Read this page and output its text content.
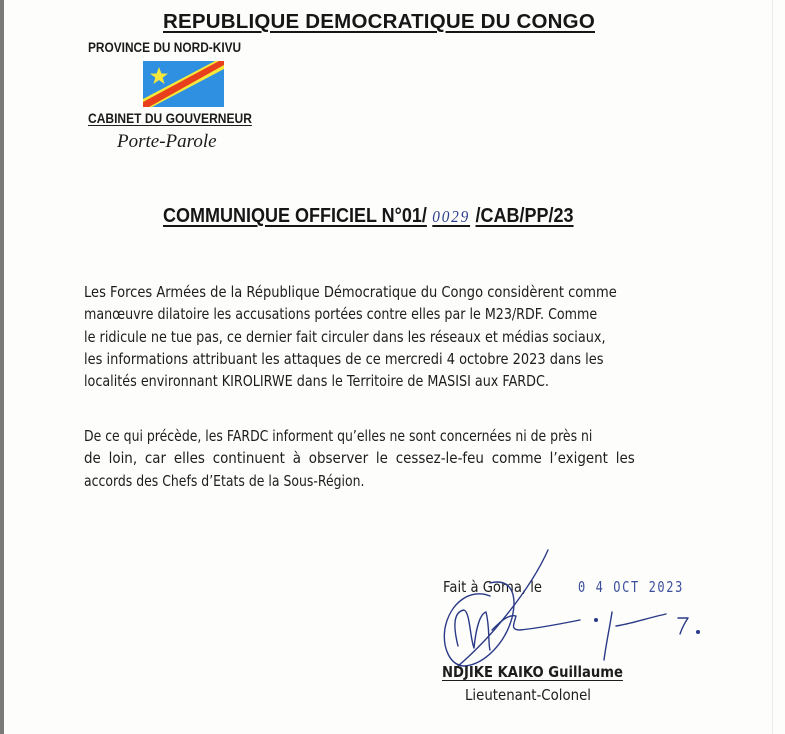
REPUBLIQUE DEMOCRATIQUE DU CONGO
PROVINCE DU NORD-KIVU
CABINET DU GOUVERNEUR
Porte-Parole
COMMUNIQUE OFFICIEL N°01/ 0029 /CAB/PP/23
Les Forces Armées de la République Démocratique du Congo considèrent comme
manœuvre dilatoire les accusations portées contre elles par le M23/RDF. Comme
le ridicule ne tue pas, ce dernier fait circuler dans les réseaux et médias sociaux,
les informations attribuant les attaques de ce mercredi 4 octobre 2023 dans les
localités environnant KIROLIRWE dans le Territoire de MASISI aux FARDC.
De ce qui précède, les FARDC informent qu’elles ne sont concernées ni de près ni
de loin, car elles continuent à observer le cessez-le-feu comme l’exigent les
accords des Chefs d’Etats de la Sous-Région.
Fait à Goma, le 0 4 OCT 2023
NDJIKE KAIKO Guillaume
Lieutenant-Colonel
